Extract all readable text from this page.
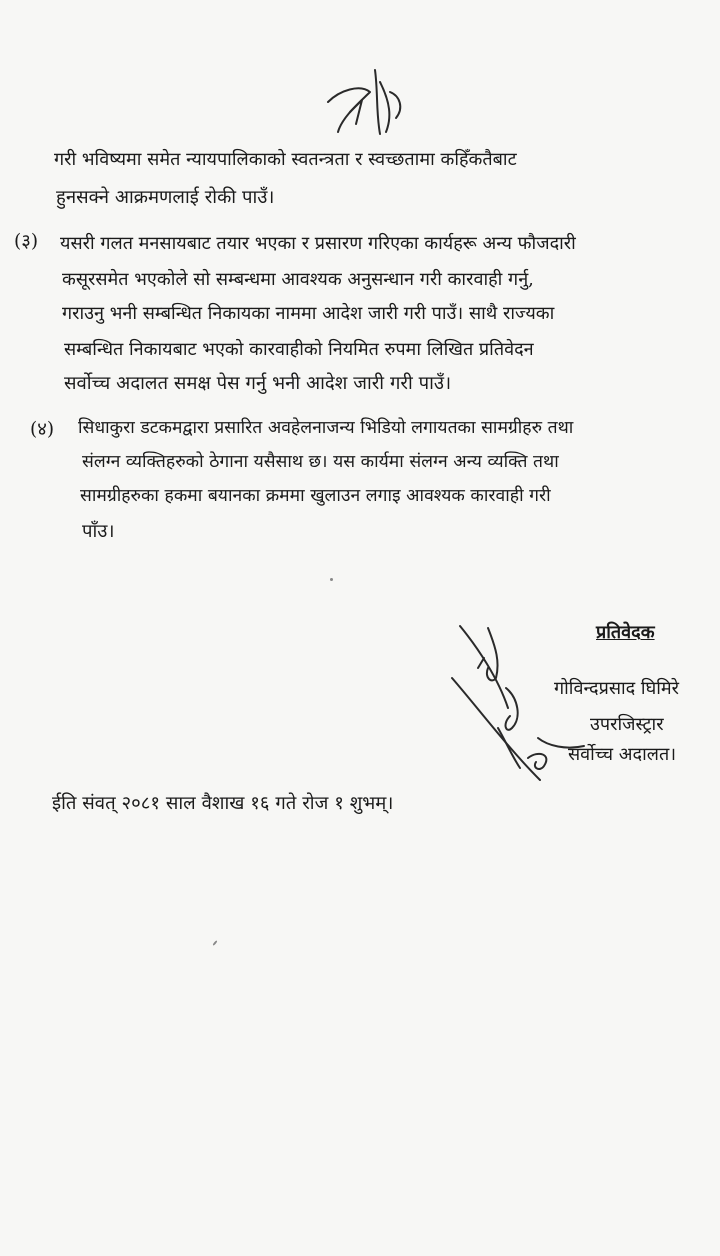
गरी भविष्यमा समेत न्यायपालिकाको स्वतन्त्रता र स्वच्छतामा कहिँकतैबाट
हुनसक्ने आक्रमणलाई रोकी पाउँ।
(३) यसरी गलत मनसायबाट तयार भएका र प्रसारण गरिएका कार्यहरू अन्य फौजदारी
कसूरसमेत भएकोले सो सम्बन्धमा आवश्यक अनुसन्धान गरी कारवाही गर्नु,
गराउनु भनी सम्बन्धित निकायका नाममा आदेश जारी गरी पाउँ। साथै राज्यका
सम्बन्धित निकायबाट भएको कारवाहीको नियमित रुपमा लिखित प्रतिवेदन
सर्वोच्च अदालत समक्ष पेस गर्नु भनी आदेश जारी गरी पाउँ।
(४) सिधाकुरा डटकमद्वारा प्रसारित अवहेलनाजन्य भिडियो लगायतका सामग्रीहरु तथा
संलग्न व्यक्तिहरुको ठेगाना यसैसाथ छ। यस कार्यमा संलग्न अन्य व्यक्ति तथा
सामग्रीहरुका हकमा बयानका क्रममा खुलाउन लगाइ आवश्यक कारवाही गरी
पाँउ।
प्रतिवेदक
गोविन्दप्रसाद घिमिरे
उपरजिस्ट्रार
सर्वोच्च अदालत।
ईति संवत् २०८१ साल वैशाख १६ गते रोज १ शुभम्।
